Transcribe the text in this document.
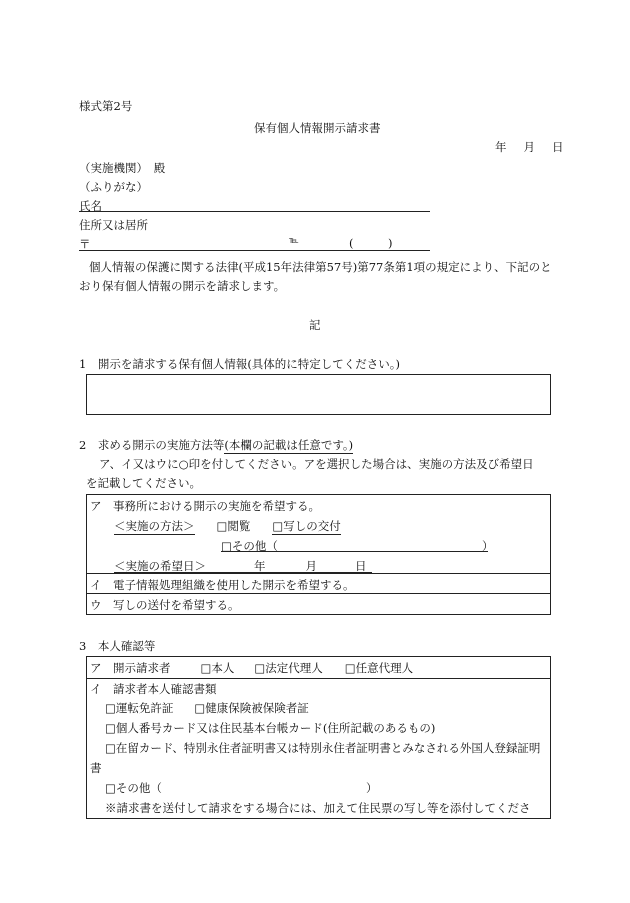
様式第2号
保有個人情報開示請求書
年 月 日
（実施機関）　殿
（ふりがな）
氏名
住所又は居所
〒	℡	(	)
個人情報の保護に関する法律(平成15年法律第57号)第77条第1項の規定により、下記のと
おり保有個人情報の開示を請求します。
記
1　開示を請求する保有個人情報(具体的に特定してください。)
2　求める開示の実施方法等(本欄の記載は任意です。)
ア、イ又はウに○印を付してください。アを選択した場合は、実施の方法及び希望日
を記載してください。
ア　事務所における開示の実施を希望する。
＜実施の方法＞ □閲覧 □写しの交付
□その他（	）
＜実施の希望日＞	年	月	日
イ　電子情報処理組織を使用した開示を希望する。
ウ　写しの送付を希望する。
3　本人確認等
ア　開示請求者	□本人 □法定代理人 □任意代理人
イ　請求者本人確認書類
□運転免許証 □健康保険被保険者証
□個人番号カード又は住民基本台帳カード(住所記載のあるもの)
□在留カード、特別永住者証明書又は特別永住者証明書とみなされる外国人登録証明
書
□その他（	）
※請求書を送付して請求をする場合には、加えて住民票の写し等を添付してくださ
